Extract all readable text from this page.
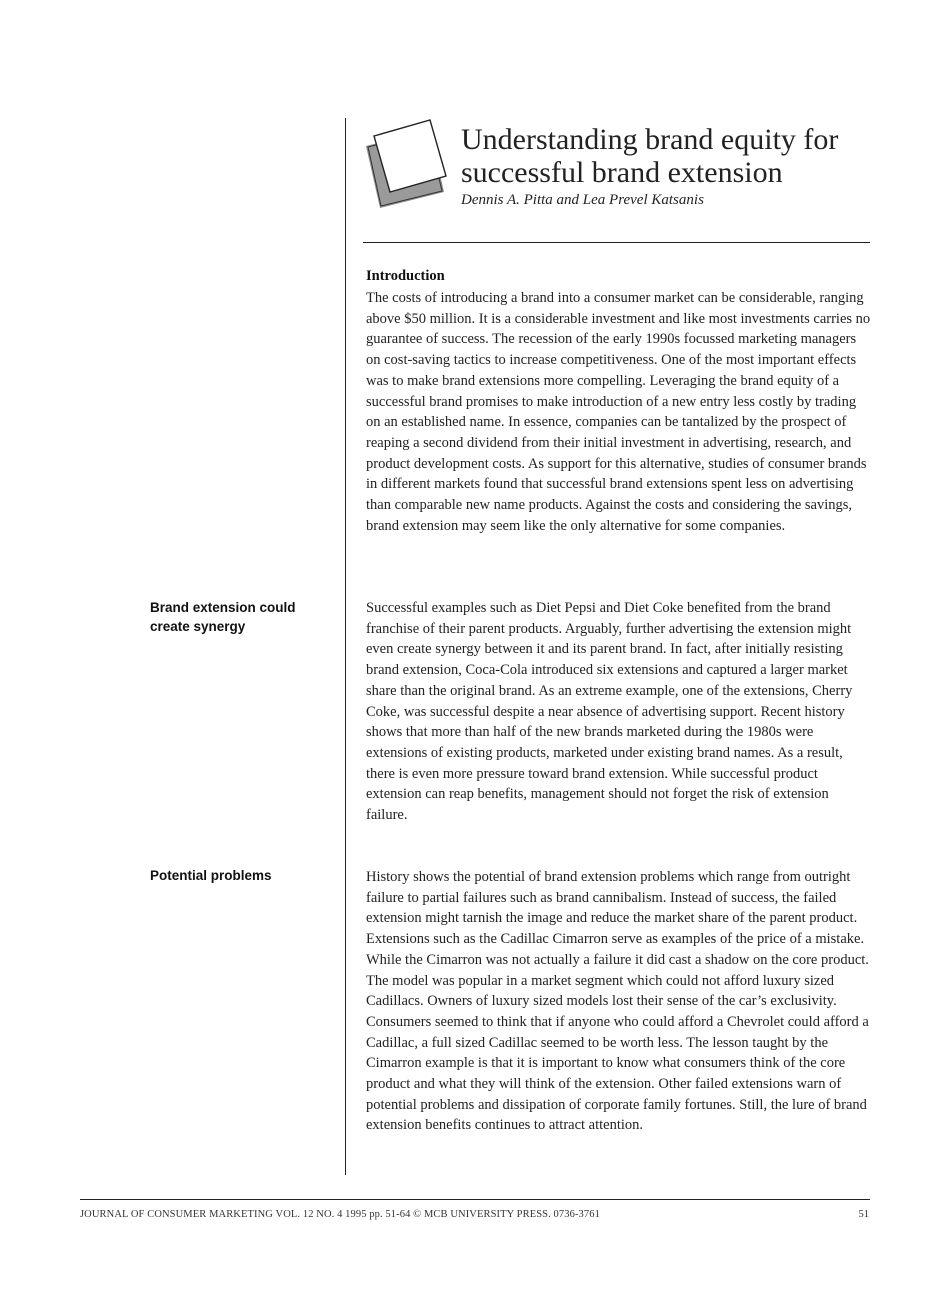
Understanding brand equity for successful brand extension
Dennis A. Pitta and Lea Prevel Katsanis
Introduction

The costs of introducing a brand into a consumer market can be considerable, ranging above $50 million. It is a considerable investment and like most investments carries no guarantee of success. The recession of the early 1990s focussed marketing managers on cost-saving tactics to increase competitiveness. One of the most important effects was to make brand extensions more compelling. Leveraging the brand equity of a successful brand promises to make introduction of a new entry less costly by trading on an established name. In essence, companies can be tantalized by the prospect of reaping a second dividend from their initial investment in advertising, research, and product development costs. As support for this alternative, studies of consumer brands in different markets found that successful brand extensions spent less on advertising than comparable new name products. Against the costs and considering the savings, brand extension may seem like the only alternative for some companies.

Brand extension could create synergy

Successful examples such as Diet Pepsi and Diet Coke benefited from the brand franchise of their parent products. Arguably, further advertising the extension might even create synergy between it and its parent brand. In fact, after initially resisting brand extension, Coca-Cola introduced six extensions and captured a larger market share than the original brand. As an extreme example, one of the extensions, Cherry Coke, was successful despite a near absence of advertising support. Recent history shows that more than half of the new brands marketed during the 1980s were extensions of existing products, marketed under existing brand names. As a result, there is even more pressure toward brand extension. While successful product extension can reap benefits, management should not forget the risk of extension failure.

Potential problems	History shows the potential of brand extension problems which range from outright failure to partial failures such as brand cannibalism. Instead of success, the failed extension might tarnish the image and reduce the market share of the parent product. Extensions such as the Cadillac Cimarron serve as examples of the price of a mistake. While the Cimarron was not actually a failure it did cast a shadow on the core product. The model was popular in a market segment which could not afford luxury sized Cadillacs. Owners of luxury sized models lost their sense of the car’s exclusivity. Consumers seemed to think that if anyone who could afford a Chevrolet could afford a Cadillac, a full sized Cadillac seemed to be worth less. The lesson taught by the Cimarron example is that it is important to know what consumers think of the core product and what they will think of the extension. Other failed extensions warn of potential problems and dissipation of corporate family fortunes. Still, the lure of brand extension benefits continues to attract attention.

JOURNAL OF CONSUMER MARKETING VOL. 12 NO. 4 1995 pp. 51-64 © MCB UNIVERSITY PRESS. 0736-3761	51
